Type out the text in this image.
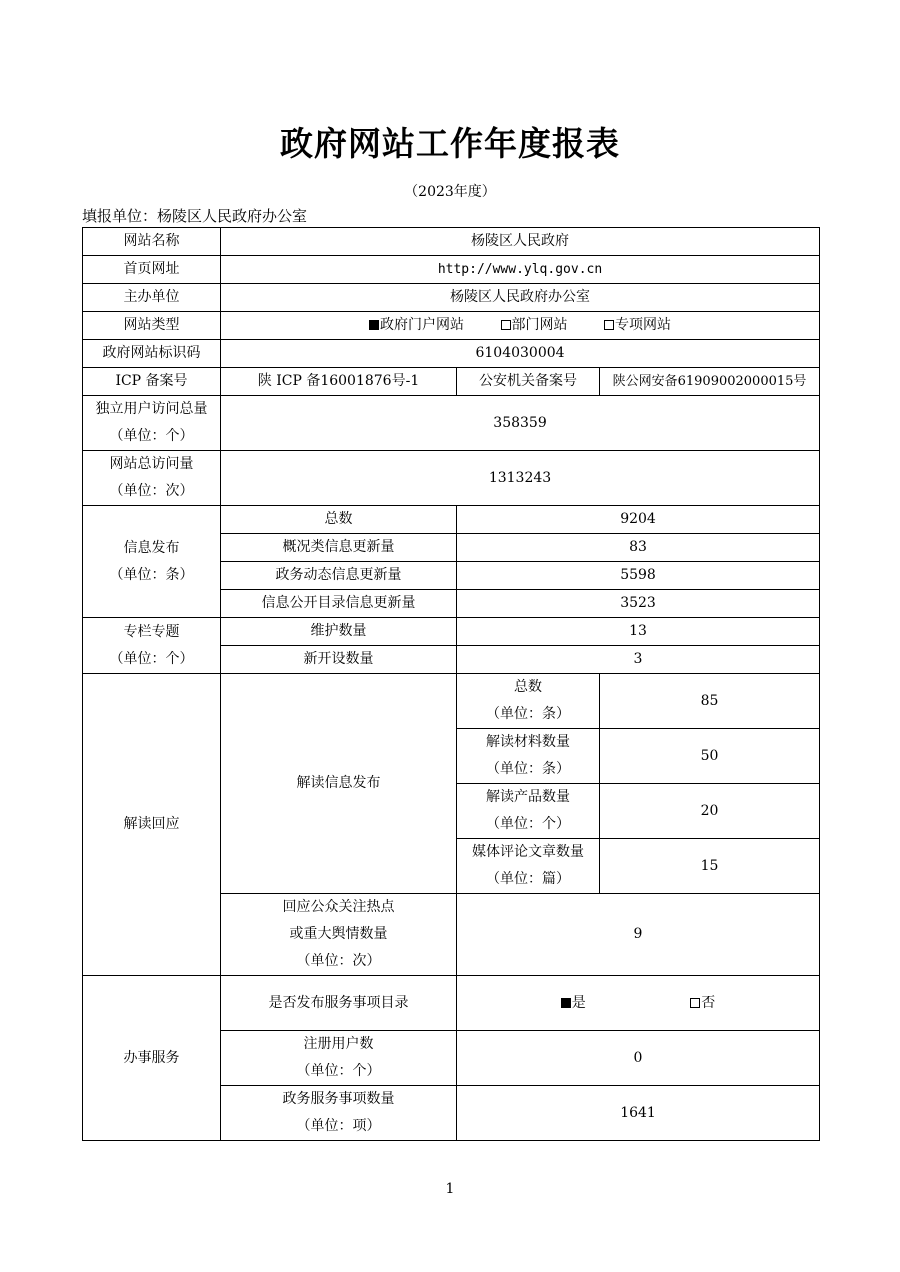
政府网站工作年度报表
（2023年度）
填报单位：杨陵区人民政府办公室
网站名称	杨陵区人民政府		
首页网址	http://www.ylq.gov.cn		
主办单位	杨陵区人民政府办公室		
网站类型	政府门户网站 部门网站 专项网站		
政府网站标识码	6104030004		
ICP 备案号	陕 ICP 备16001876号-1	公安机关备案号	陕公网安备61909002000015号

独立用户访问总量
（单位：个）	358359		

网站总访问量
（单位：次）	1313243		

信息发布
（单位：条）	总数	9204	
	概况类信息更新量	83	
	政务动态信息更新量	5598	
	信息公开目录信息更新量	3523	

专栏专题
（单位：个）	维护数量	13	
	新开设数量	3	
解读回应	解读信息发布	总数
（单位：条）	85

		解读材料数量
（单位：条）	50

		解读产品数量
（单位：个）	20

		媒体评论文章数量
（单位：篇）	15

	回应公众关注热点
或重大舆情数量
（单位：次）	9	
办事服务	是否发布服务事项目录	是 否	

	注册用户数
（单位：个）	0	

	政务服务事项数量
（单位：项）	1641	
1
